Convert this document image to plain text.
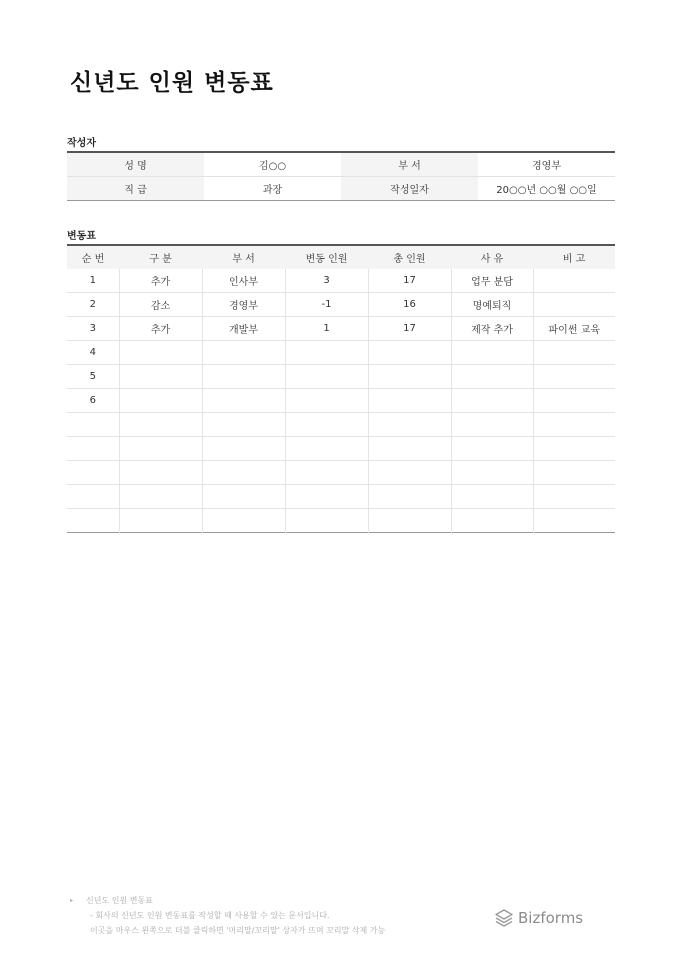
신년도 인원 변동표
작성자
성 명	김○○	부 서	경영부
직 급	과장	작성일자	20○○년 ○○월 ○○일
변동표
순 번	구 분	부 서	변동 인원	총 인원	사 유	비 고
1	추가	인사부	3	17	업무 분담	
2	감소	경영부	-1	16	명예퇴직	
3	추가	개발부	1	17	제작 추가	파이썬 교육
4						
5						
6						

▸	신년도 인원 변동표
- 회사의 신년도 인원 변동표를 작성할 때 사용할 수 있는 문서입니다.
이곳을 마우스 왼쪽으로 더블 클릭하면 '머리말/꼬리말' 상자가 뜨며 꼬리말 삭제 가능
Bizforms
